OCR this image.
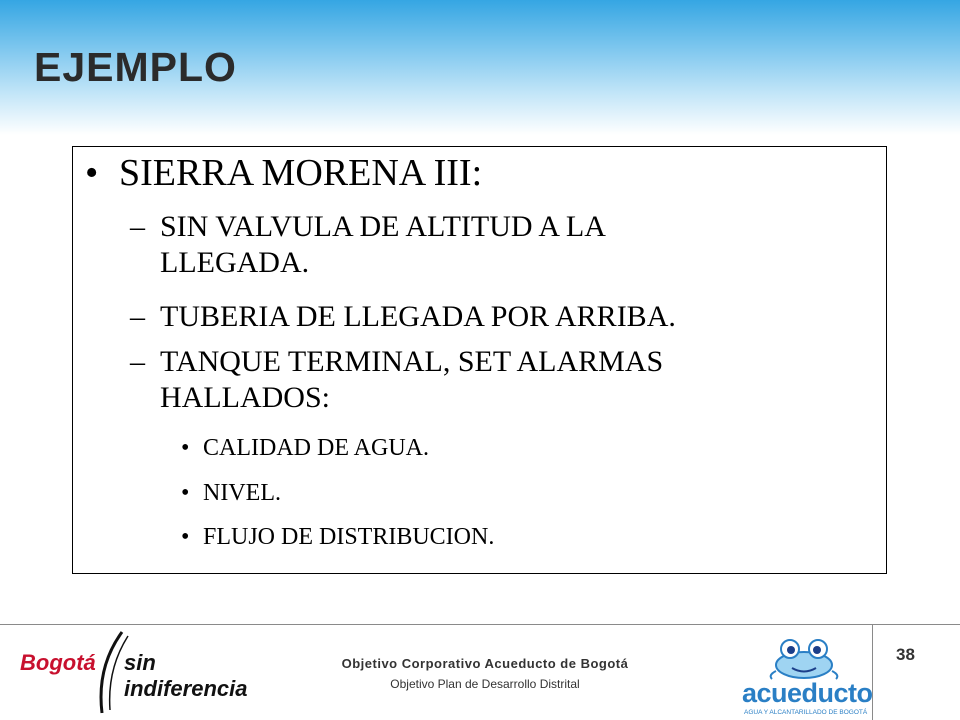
EJEMPLO
• SIERRA MORENA III:
– SIN VALVULA DE ALTITUD A LA LLEGADA.
– TUBERIA DE LLEGADA POR ARRIBA.
– TANQUE TERMINAL, SET ALARMAS HALLADOS:
• CALIDAD DE AGUA.
• NIVEL.
• FLUJO DE DISTRIBUCION.
Bogotá sin indiferencia
Objetivo Corporativo Acueducto de Bogotá
Objetivo Plan de Desarrollo Distrital	acueducto
AGUA Y ALCANTARILLADO DE BOGOTÁ
38
